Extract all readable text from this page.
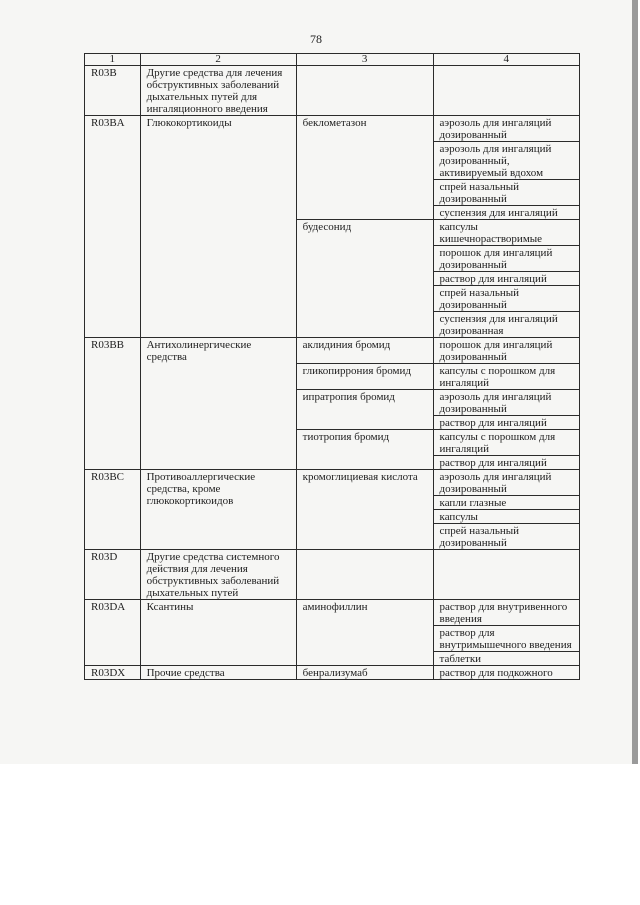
78
1	2	3	4
R03B	Другие средства для лечения обструктивных заболеваний дыхательных путей для ингаляционного введения		
R03BA	Глюкокортикоиды	беклометазон	аэрозоль для ингаляций дозированный
			аэрозоль для ингаляций дозированный, активируемый вдохом
			спрей назальный дозированный
			суспензия для ингаляций
		будесонид	капсулы кишечнорастворимые
			порошок для ингаляций дозированный
			раствор для ингаляций
			спрей назальный дозированный
			суспензия для ингаляций дозированная
R03BB	Антихолинергические средства	аклидиния бромид	порошок для ингаляций дозированный
		гликопиррония бромид	капсулы с порошком для ингаляций
		ипратропия бромид	аэрозоль для ингаляций дозированный
			раствор для ингаляций
		тиотропия бромид	капсулы с порошком для ингаляций
			раствор для ингаляций
R03BC	Противоаллергические средства, кроме глюкокортикоидов	кромоглициевая кислота	аэрозоль для ингаляций дозированный
			капли глазные
			капсулы
			спрей назальный дозированный
R03D	Другие средства системного действия для лечения обструктивных заболеваний дыхательных путей		
R03DA	Ксантины	аминофиллин	раствор для внутривенного введения
			раствор для внутримышечного введения
			таблетки
R03DX	Прочие средства	бенрализумаб	раствор для подкожного
